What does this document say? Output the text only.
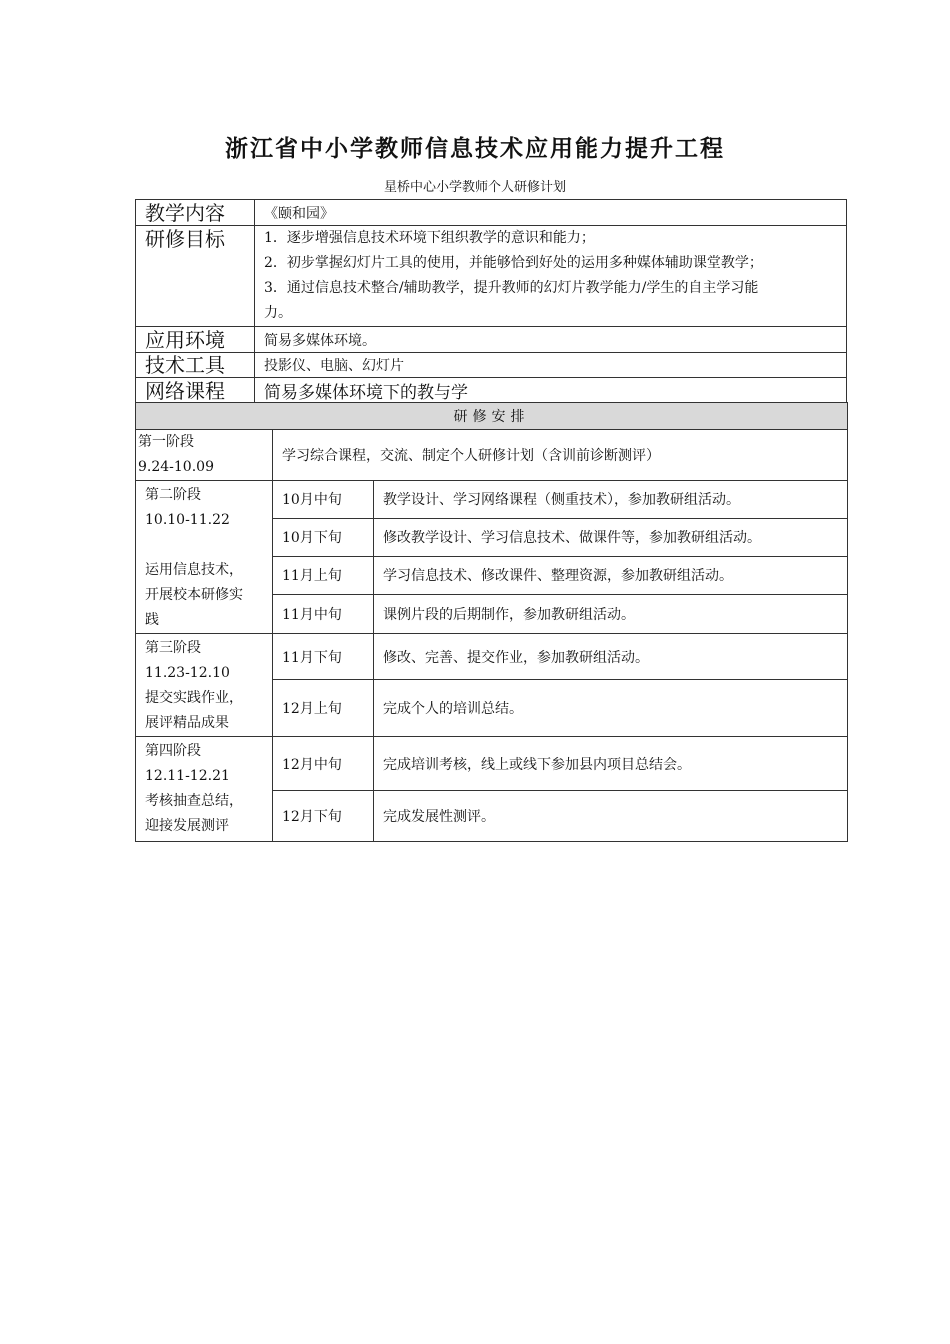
浙江省中小学教师信息技术应用能力提升工程
星桥中心小学教师个人研修计划
教学内容	《颐和园》
研修目标	1．逐步增强信息技术环境下组织教学的意识和能力；
2．初步掌握幻灯片工具的使用，并能够恰到好处的运用多种媒体辅助课堂教学；
3．通过信息技术整合/辅助教学，提升教师的幻灯片教学能力/学生的自主学习能
力。

应用环境	简易多媒体环境。
技术工具	投影仪、电脑、幻灯片
网络课程	简易多媒体环境下的教与学
研修安排		

第一阶段
9.24-10.09	学习综合课程，交流、制定个人研修计划（含训前诊断测评）	

第二阶段
10.10-11.22
运用信息技术，
开展校本研修实
践	10月中旬	教学设计、学习网络课程（侧重技术），参加教研组活动。
	10月下旬	修改教学设计、学习信息技术、做课件等，参加教研组活动。
	11月上旬	学习信息技术、修改课件、整理资源，参加教研组活动。
	11月中旬	课例片段的后期制作，参加教研组活动。

第三阶段
11.23-12.10
提交实践作业，
展评精品成果	11月下旬	修改、完善、提交作业，参加教研组活动。
	12月上旬	完成个人的培训总结。

第四阶段
12.11-12.21
考核抽查总结，
迎接发展测评	12月中旬	完成培训考核，线上或线下参加县内项目总结会。
	12月下旬	完成发展性测评。
